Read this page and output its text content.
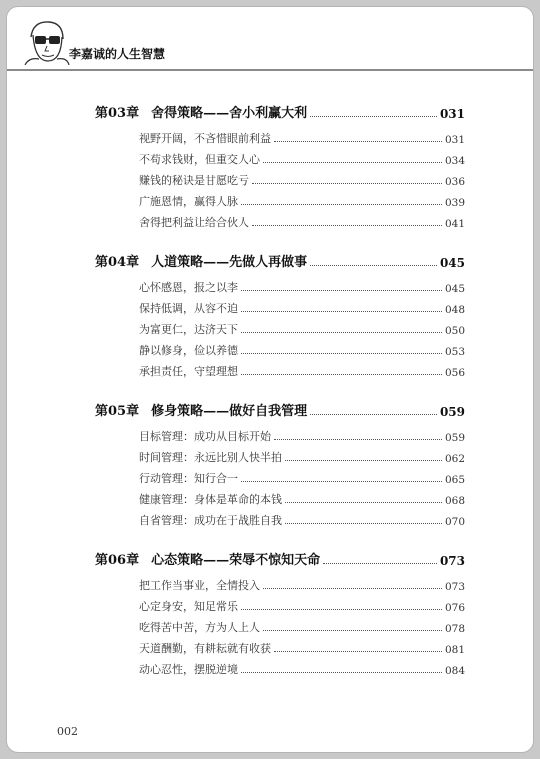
李嘉诚的人生智慧
第03章 舍得策略——舍小利赢大利	031
视野开阔，不吝惜眼前利益	031
不苟求钱财，但重交人心	034
赚钱的秘诀是甘愿吃亏	036
广施恩情，赢得人脉	039
舍得把利益让给合伙人	041
第04章 人道策略——先做人再做事	045
心怀感恩，报之以李	045
保持低调，从容不迫	048
为富更仁，达济天下	050
静以修身，俭以养德	053
承担责任，守望理想	056
第05章 修身策略——做好自我管理	059
目标管理：成功从目标开始	059
时间管理：永远比别人快半拍	062
行动管理：知行合一	065
健康管理：身体是革命的本钱	068
自省管理：成功在于战胜自我	070
第06章 心态策略——荣辱不惊知天命	073
把工作当事业，全情投入	073
心定身安，知足常乐	076
吃得苦中苦，方为人上人	078
天道酬勤，有耕耘就有收获	081
动心忍性，摆脱逆境	084
002
